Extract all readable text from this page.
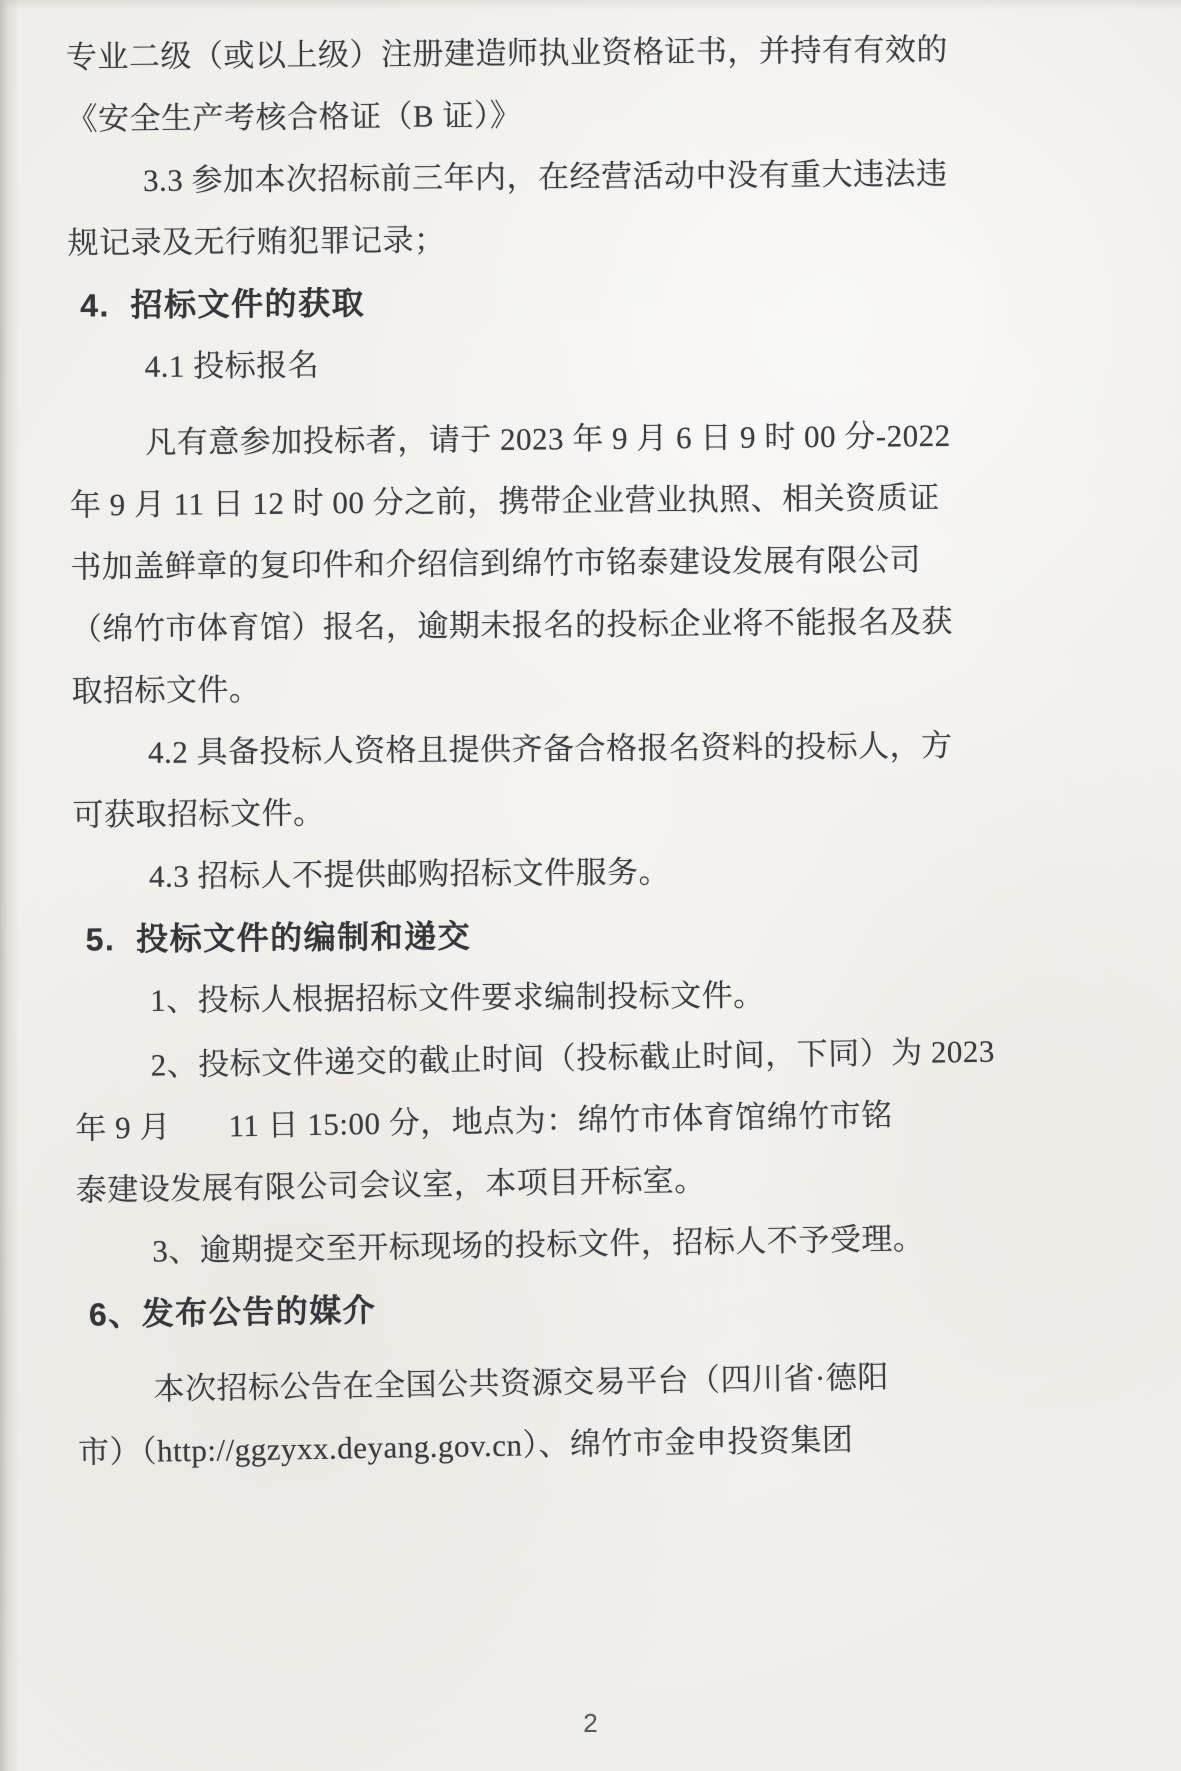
专业二级（或以上级）注册建造师执业资格证书，并持有有效的

《安全生产考核合格证（B 证）》

3.3 参加本次招标前三年内，在经营活动中没有重大违法违

规记录及无行贿犯罪记录；

4.  招标文件的获取

4.1 投标报名

凡有意参加投标者，请于 2023 年 9 月 6 日 9 时 00 分-2022

年 9 月 11 日 12 时 00 分之前，携带企业营业执照、相关资质证

书加盖鲜章的复印件和介绍信到绵竹市铭泰建设发展有限公司

（绵竹市体育馆）报名，逾期未报名的投标企业将不能报名及获

取招标文件。

4.2 具备投标人资格且提供齐备合格报名资料的投标人，方

可获取招标文件。

4.3 招标人不提供邮购招标文件服务。

5.  投标文件的编制和递交

1、投标人根据招标文件要求编制投标文件。

2、投标文件递交的截止时间（投标截止时间，下同）为 2023

年 9 月       11 日 15:00 分，地点为：绵竹市体育馆绵竹市铭

泰建设发展有限公司会议室，本项目开标室。

3、逾期提交至开标现场的投标文件，招标人不予受理。

6、发布公告的媒介

本次招标公告在全国公共资源交易平台（四川省·德阳

市）（http://ggzyxx.deyang.gov.cn）、绵竹市金申投资集团

2
